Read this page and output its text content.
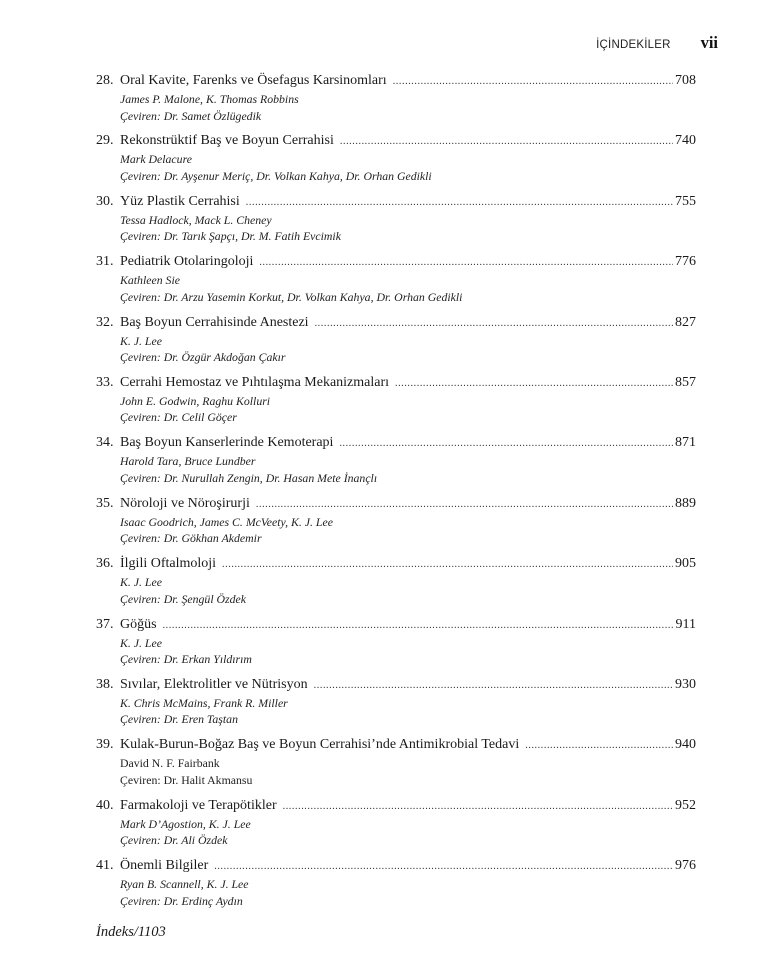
İÇİNDEKİLER vii
28. Oral Kavite, Farenks ve Ösefagus Karsinomları .....	708
James P. Malone, K. Thomas Robbins
Çeviren: Dr. Samet Özlügedik
29. Rekonstrüktif Baş ve Boyun Cerrahisi .....	740
Mark Delacure
Çeviren: Dr. Ayşenur Meriç, Dr. Volkan Kahya, Dr. Orhan Gedikli
30. Yüz Plastik Cerrahisi .....	755
Tessa Hadlock, Mack L. Cheney
Çeviren: Dr. Tarık Şapçı, Dr. M. Fatih Evcimik
31. Pediatrik Otolaringoloji .....	776
Kathleen Sie
Çeviren: Dr. Arzu Yasemin Korkut, Dr. Volkan Kahya, Dr. Orhan Gedikli
32. Baş Boyun Cerrahisinde Anestezi .....	827
K. J. Lee
Çeviren: Dr. Özgür Akdoğan Çakır
33. Cerrahi Hemostaz ve Pıhtılaşma Mekanizmaları .....	857
John E. Godwin, Raghu Kolluri
Çeviren: Dr. Celil Göçer
34. Baş Boyun Kanserlerinde Kemoterapi .....	871
Harold Tara, Bruce Lundber
Çeviren: Dr. Nurullah Zengin, Dr. Hasan Mete İnançlı
35. Nöroloji ve Nöroşirurji .....	889
Isaac Goodrich, James C. McVeety, K. J. Lee
Çeviren: Dr. Gökhan Akdemir
36. İlgili Oftalmoloji .....	905
K. J. Lee
Çeviren: Dr. Şengül Özdek
37. Göğüs .....	911
K. J. Lee
Çeviren: Dr. Erkan Yıldırım
38. Sıvılar, Elektrolitler ve Nütrisyon .....	930
K. Chris McMains, Frank R. Miller
Çeviren: Dr. Eren Taştan
39. Kulak-Burun-Boğaz Baş ve Boyun Cerrahisi’nde Antimikrobial Tedavi .....	940
David N. F. Fairbank
Çeviren: Dr. Halit Akmansu
40. Farmakoloji ve Terapötikler .....	952
Mark D’Agostion, K. J. Lee
Çeviren: Dr. Ali Özdek
41. Önemli Bilgiler .....	976
Ryan B. Scannell, K. J. Lee
Çeviren: Dr. Erdinç Aydın
İndeks/1103
